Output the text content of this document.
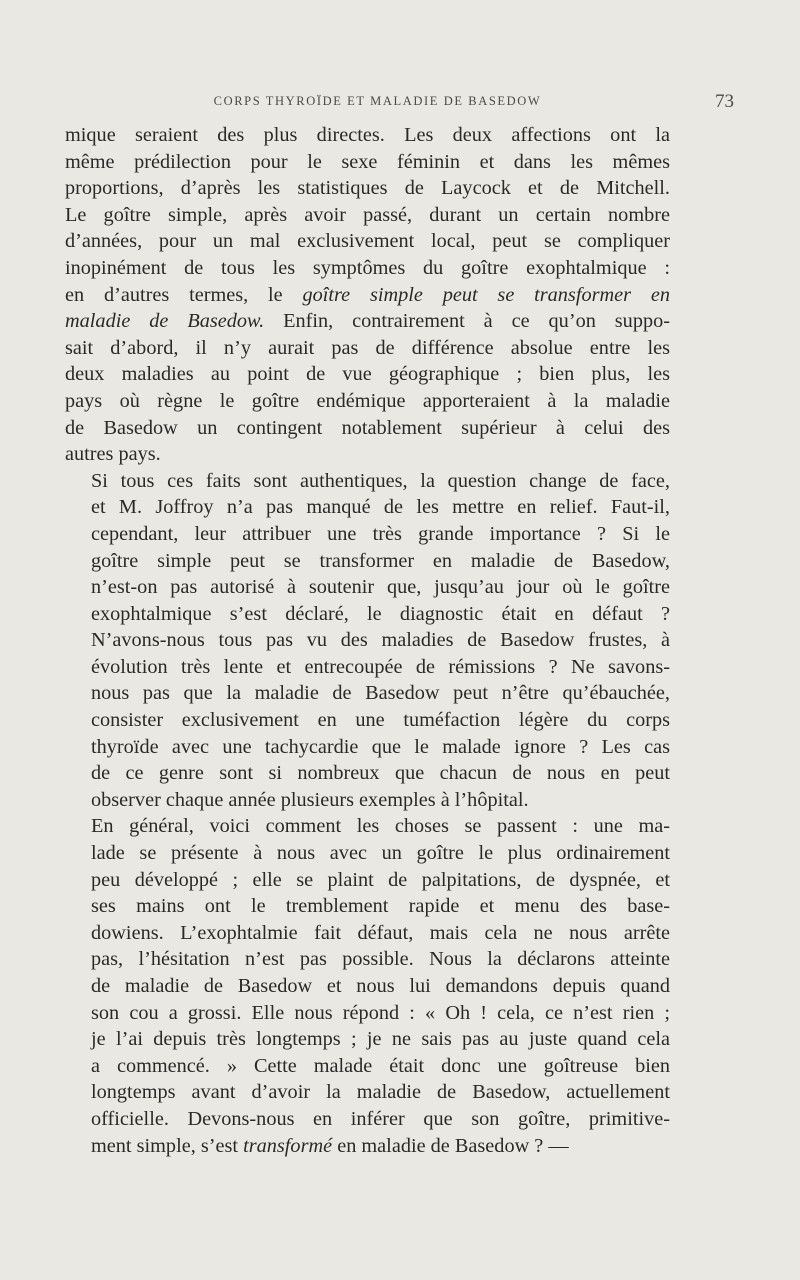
CORPS THYROÏDE ET MALADIE DE BASEDOW	73

mique seraient des plus directes. Les deux affections ont la
même prédilection pour le sexe féminin et dans les mêmes
proportions, d’après les statistiques de Laycock et de Mitchell.
Le goître simple, après avoir passé, durant un certain nombre
d’années, pour un mal exclusivement local, peut se compliquer
inopinément de tous les symptômes du goître exophtalmique :
en d’autres termes, le goître simple peut se transformer en
maladie de Basedow. Enfin, contrairement à ce qu’on suppo-
sait d’abord, il n’y aurait pas de différence absolue entre les
deux maladies au point de vue géographique ; bien plus, les
pays où règne le goître endémique apporteraient à la maladie
de Basedow un contingent notablement supérieur à celui des
autres pays.

Si tous ces faits sont authentiques, la question change de face,
et M. Joffroy n’a pas manqué de les mettre en relief. Faut-il,
cependant, leur attribuer une très grande importance ? Si le
goître simple peut se transformer en maladie de Basedow,
n’est-on pas autorisé à soutenir que, jusqu’au jour où le goître
exophtalmique s’est déclaré, le diagnostic était en défaut ?
N’avons-nous tous pas vu des maladies de Basedow frustes, à
évolution très lente et entrecoupée de rémissions ? Ne savons-
nous pas que la maladie de Basedow peut n’être qu’ébauchée,
consister exclusivement en une tuméfaction légère du corps
thyroïde avec une tachycardie que le malade ignore ? Les cas
de ce genre sont si nombreux que chacun de nous en peut
observer chaque année plusieurs exemples à l’hôpital.

En général, voici comment les choses se passent : une ma-
lade se présente à nous avec un goître le plus ordinairement
peu développé ; elle se plaint de palpitations, de dyspnée, et
ses mains ont le tremblement rapide et menu des base-
dowiens. L’exophtalmie fait défaut, mais cela ne nous arrête
pas, l’hésitation n’est pas possible. Nous la déclarons atteinte
de maladie de Basedow et nous lui demandons depuis quand
son cou a grossi. Elle nous répond : « Oh ! cela, ce n’est rien ;
je l’ai depuis très longtemps ; je ne sais pas au juste quand cela
a commencé. » Cette malade était donc une goîtreuse bien
longtemps avant d’avoir la maladie de Basedow, actuellement
officielle. Devons-nous en inférer que son goître, primitive-
ment simple, s’est transformé en maladie de Basedow ? —
